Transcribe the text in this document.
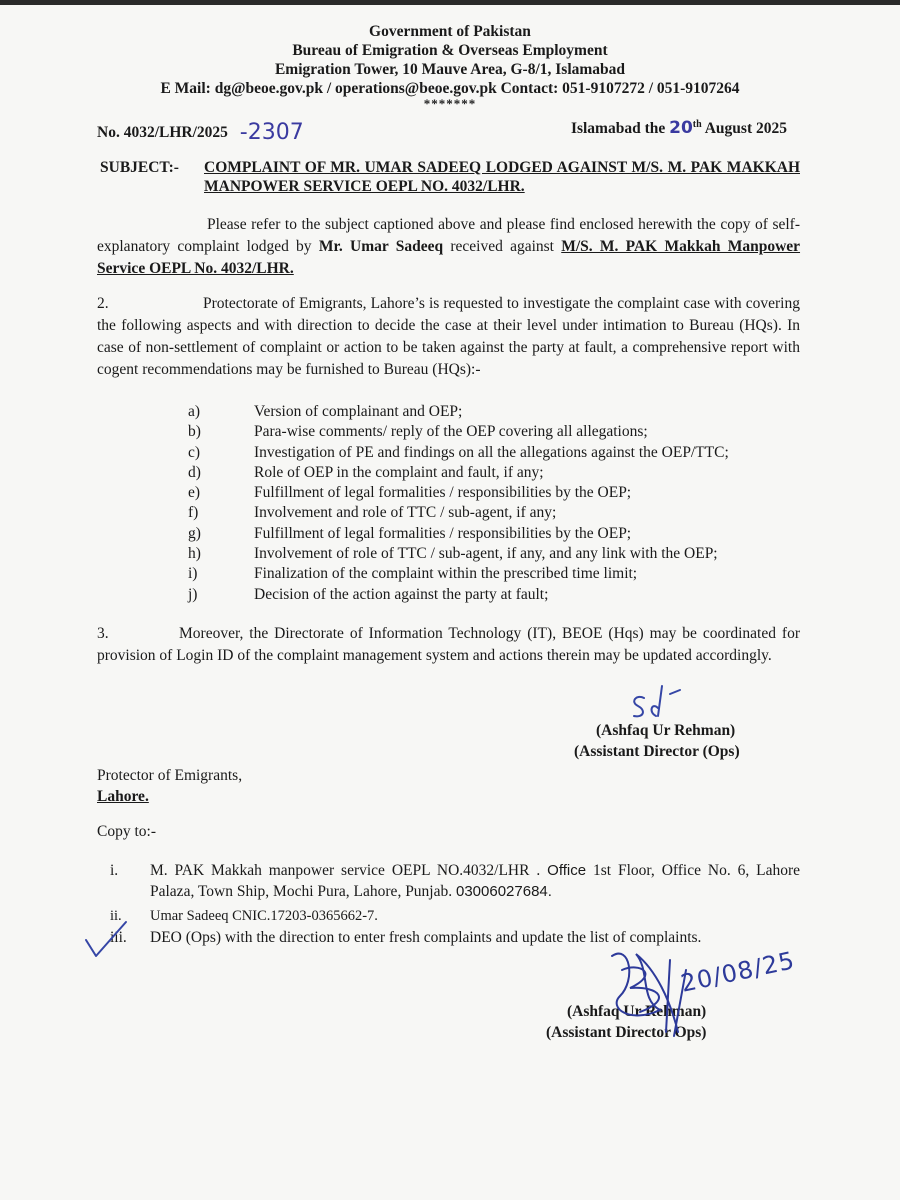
Government of Pakistan
Bureau of Emigration & Overseas Employment
Emigration Tower, 10 Mauve Area, G-8/1, Islamabad
E Mail: dg@beoe.gov.pk / operations@beoe.gov.pk Contact: 051-9107272 / 051-9107264
*******
No. 4032/LHR/2025 -2307	Islamabad the 20th August 2025
SUBJECT:- COMPLAINT OF MR. UMAR SADEEQ LODGED AGAINST M/S. M. PAK MAKKAH MANPOWER SERVICE OEPL NO. 4032/LHR.
Please refer to the subject captioned above and please find enclosed herewith the copy of self-explanatory complaint lodged by Mr. Umar Sadeeq received against M/S. M. PAK Makkah Manpower Service OEPL No. 4032/LHR.
2.	Protectorate of Emigrants, Lahore’s is requested to investigate the complaint case with covering the following aspects and with direction to decide the case at their level under intimation to Bureau (HQs). In case of non-settlement of complaint or action to be taken against the party at fault, a comprehensive report with cogent recommendations may be furnished to Bureau (HQs):-
a)	Version of complainant and OEP;
b)	Para-wise comments/ reply of the OEP covering all allegations;
c)	Investigation of PE and findings on all the allegations against the OEP/TTC;
d)	Role of OEP in the complaint and fault, if any;
e)	Fulfillment of legal formalities / responsibilities by the OEP;
f)	Involvement and role of TTC / sub-agent, if any;
g)	Fulfillment of legal formalities / responsibilities by the OEP;
h)	Involvement of role of TTC / sub-agent, if any, and any link with the OEP;
i)	Finalization of the complaint within the prescribed time limit;
j)	Decision of the action against the party at fault;
3.	Moreover, the Directorate of Information Technology (IT), BEOE (Hqs) may be coordinated for provision of Login ID of the complaint management system and actions therein may be updated accordingly.
(Ashfaq Ur Rehman)
(Assistant Director (Ops)
Protector of Emigrants,
Lahore.
Copy to:-
i. M. PAK Makkah manpower service OEPL NO.4032/LHR . Office 1st Floor, Office No. 6, Lahore Palaza, Town Ship, Mochi Pura, Lahore, Punjab. 03006027684.
ii. Umar Sadeeq CNIC.17203-0365662-7.
iii. DEO (Ops) with the direction to enter fresh complaints and update the list of complaints.
(Ashfaq Ur Rehman)
(Assistant Director Ops)
20/08/25
